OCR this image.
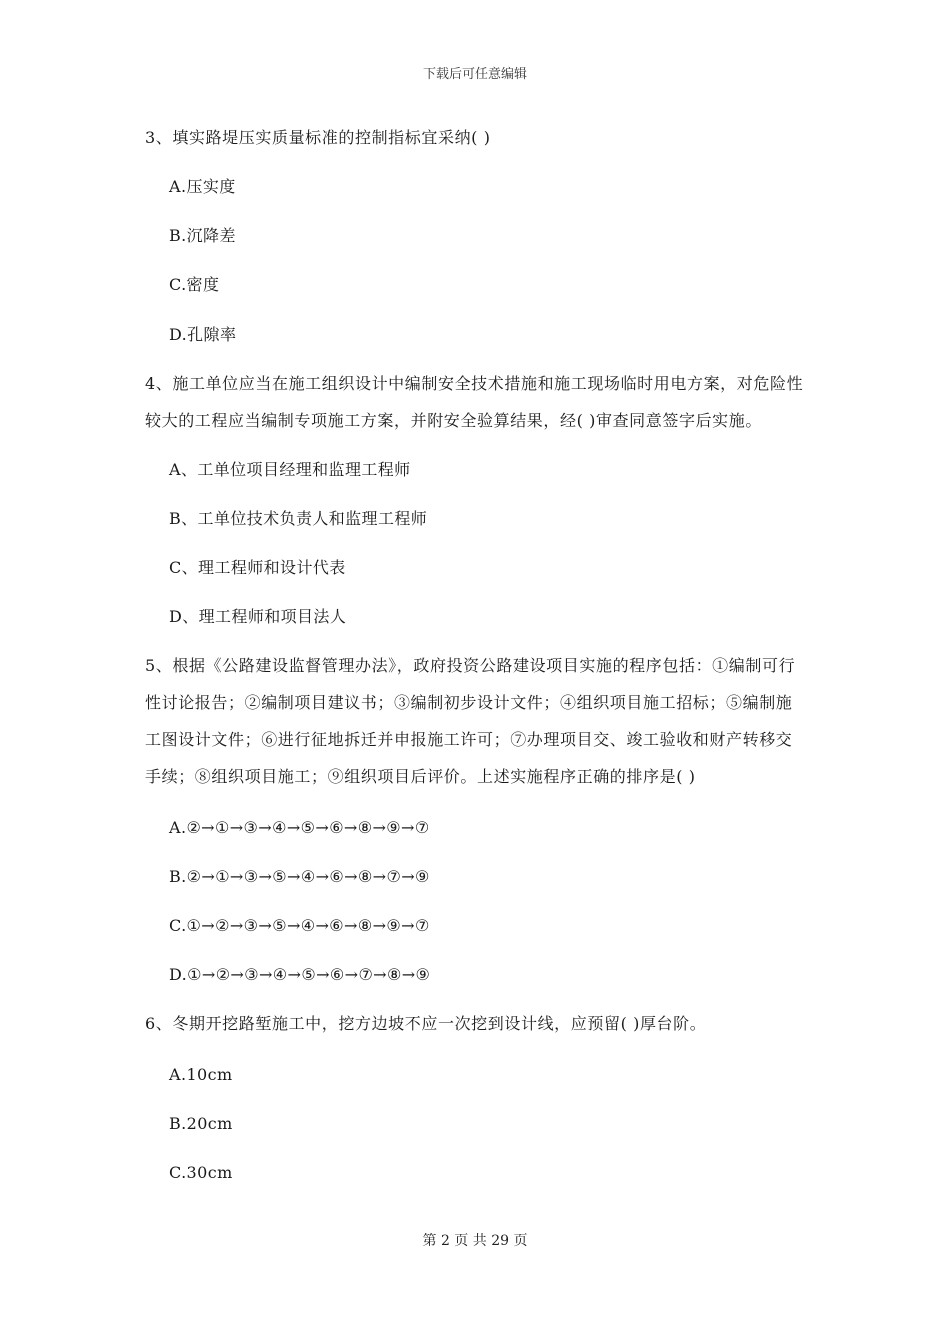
下载后可任意编辑
3、填实路堤压实质量标准的控制指标宜采纳( )
A.压实度
B.沉降差
C.密度
D.孔隙率
4、施工单位应当在施工组织设计中编制安全技术措施和施工现场临时用电方案，对危险性
较大的工程应当编制专项施工方案，并附安全验算结果，经( )审查同意签字后实施。
A、工单位项目经理和监理工程师
B、工单位技术负责人和监理工程师
C、理工程师和设计代表
D、理工程师和项目法人
5、根据《公路建设监督管理办法》，政府投资公路建设项目实施的程序包括：①编制可行
性讨论报告；②编制项目建议书；③编制初步设计文件；④组织项目施工招标；⑤编制施
工图设计文件；⑥进行征地拆迁并申报施工许可；⑦办理项目交、竣工验收和财产转移交
手续；⑧组织项目施工；⑨组织项目后评价。上述实施程序正确的排序是( )
A.②→①→③→④→⑤→⑥→⑧→⑨→⑦
B.②→①→③→⑤→④→⑥→⑧→⑦→⑨
C.①→②→③→⑤→④→⑥→⑧→⑨→⑦
D.①→②→③→④→⑤→⑥→⑦→⑧→⑨
6、冬期开挖路堑施工中，挖方边坡不应一次挖到设计线，应预留( )厚台阶。
A.10cm
B.20cm
C.30cm
第 2 页 共 29 页
